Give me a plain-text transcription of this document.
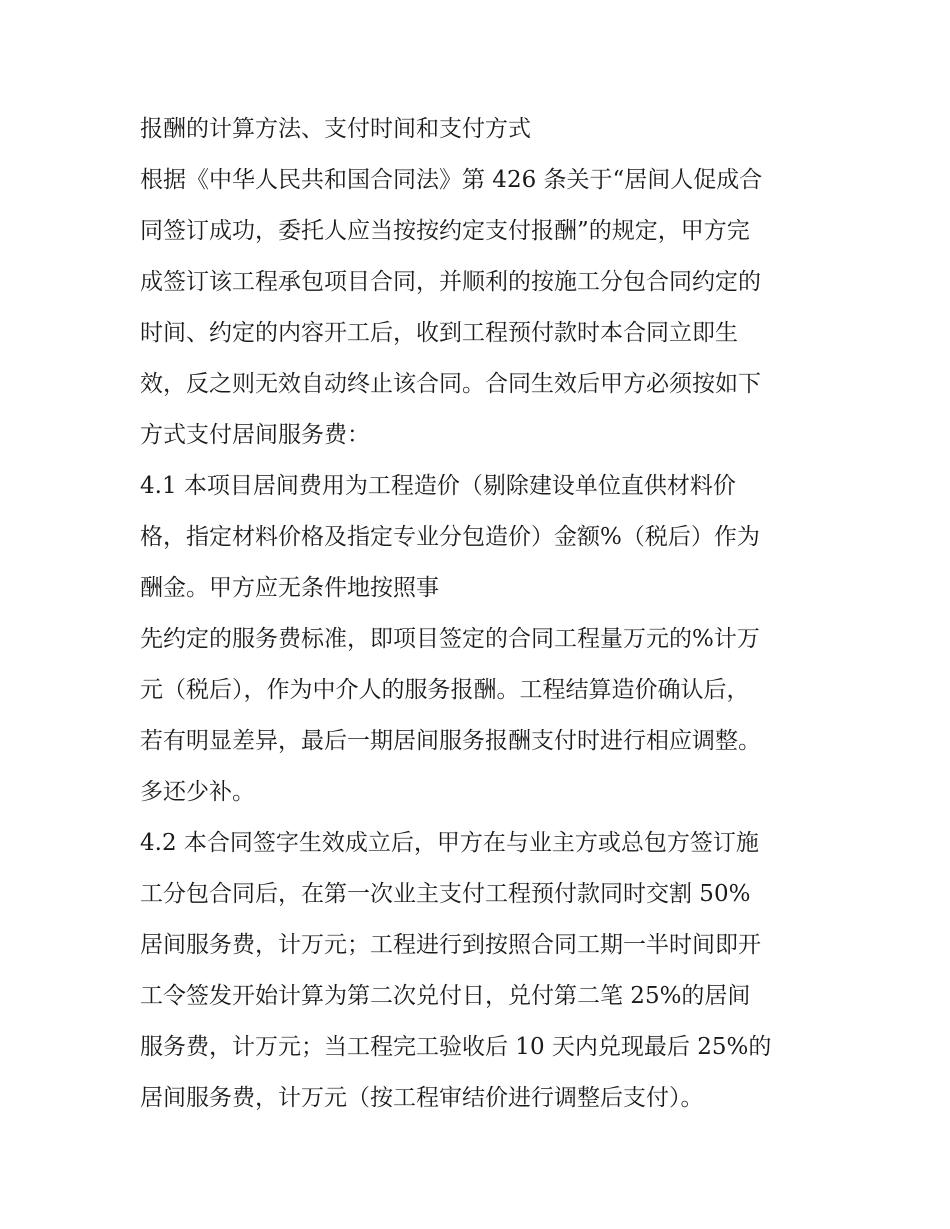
报酬的计算方法、支付时间和支付方式
根据《中华人民共和国合同法》第 426 条关于“居间人促成合
同签订成功，委托人应当按按约定支付报酬”的规定，甲方完
成签订该工程承包项目合同，并顺利的按施工分包合同约定的
时间、约定的内容开工后，收到工程预付款时本合同立即生
效，反之则无效自动终止该合同。合同生效后甲方必须按如下
方式支付居间服务费：
4.1 本项目居间费用为工程造价（剔除建设单位直供材料价
格，指定材料价格及指定专业分包造价）金额%（税后）作为
酬金。甲方应无条件地按照事
先约定的服务费标准，即项目签定的合同工程量万元的%计万
元（税后），作为中介人的服务报酬。工程结算造价确认后，
若有明显差异，最后一期居间服务报酬支付时进行相应调整。
多还少补。
4.2 本合同签字生效成立后，甲方在与业主方或总包方签订施
工分包合同后，在第一次业主支付工程预付款同时交割 50%
居间服务费，计万元；工程进行到按照合同工期一半时间即开
工令签发开始计算为第二次兑付日，兑付第二笔 25%的居间
服务费，计万元；当工程完工验收后 10 天内兑现最后 25%的
居间服务费，计万元（按工程审结价进行调整后支付）。
